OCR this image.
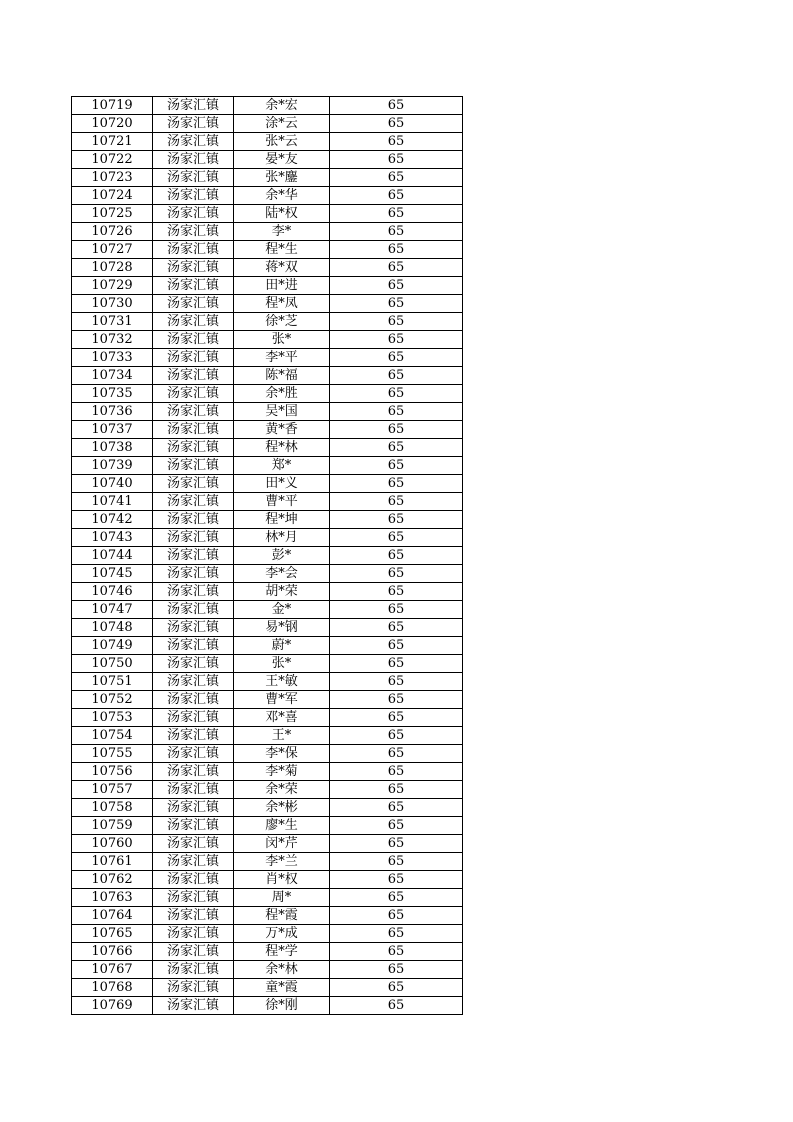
10719	汤家汇镇	余*宏	65
10720	汤家汇镇	涂*云	65
10721	汤家汇镇	张*云	65
10722	汤家汇镇	晏*友	65
10723	汤家汇镇	张*鏖	65
10724	汤家汇镇	余*华	65
10725	汤家汇镇	陆*权	65
10726	汤家汇镇	李*	65
10727	汤家汇镇	程*生	65
10728	汤家汇镇	蒋*双	65
10729	汤家汇镇	田*进	65
10730	汤家汇镇	程*凤	65
10731	汤家汇镇	徐*芝	65
10732	汤家汇镇	张*	65
10733	汤家汇镇	李*平	65
10734	汤家汇镇	陈*福	65
10735	汤家汇镇	余*胜	65
10736	汤家汇镇	吴*国	65
10737	汤家汇镇	黄*香	65
10738	汤家汇镇	程*林	65
10739	汤家汇镇	郑*	65
10740	汤家汇镇	田*义	65
10741	汤家汇镇	曹*平	65
10742	汤家汇镇	程*坤	65
10743	汤家汇镇	林*月	65
10744	汤家汇镇	彭*	65
10745	汤家汇镇	李*会	65
10746	汤家汇镇	胡*荣	65
10747	汤家汇镇	金*	65
10748	汤家汇镇	易*钢	65
10749	汤家汇镇	蔚*	65
10750	汤家汇镇	张*	65
10751	汤家汇镇	王*敏	65
10752	汤家汇镇	曹*军	65
10753	汤家汇镇	邓*喜	65
10754	汤家汇镇	王*	65
10755	汤家汇镇	李*保	65
10756	汤家汇镇	李*菊	65
10757	汤家汇镇	余*荣	65
10758	汤家汇镇	余*彬	65
10759	汤家汇镇	廖*生	65
10760	汤家汇镇	闵*芹	65
10761	汤家汇镇	李*兰	65
10762	汤家汇镇	肖*权	65
10763	汤家汇镇	周*	65
10764	汤家汇镇	程*霞	65
10765	汤家汇镇	万*成	65
10766	汤家汇镇	程*学	65
10767	汤家汇镇	余*林	65
10768	汤家汇镇	童*霞	65
10769	汤家汇镇	徐*刚	65
